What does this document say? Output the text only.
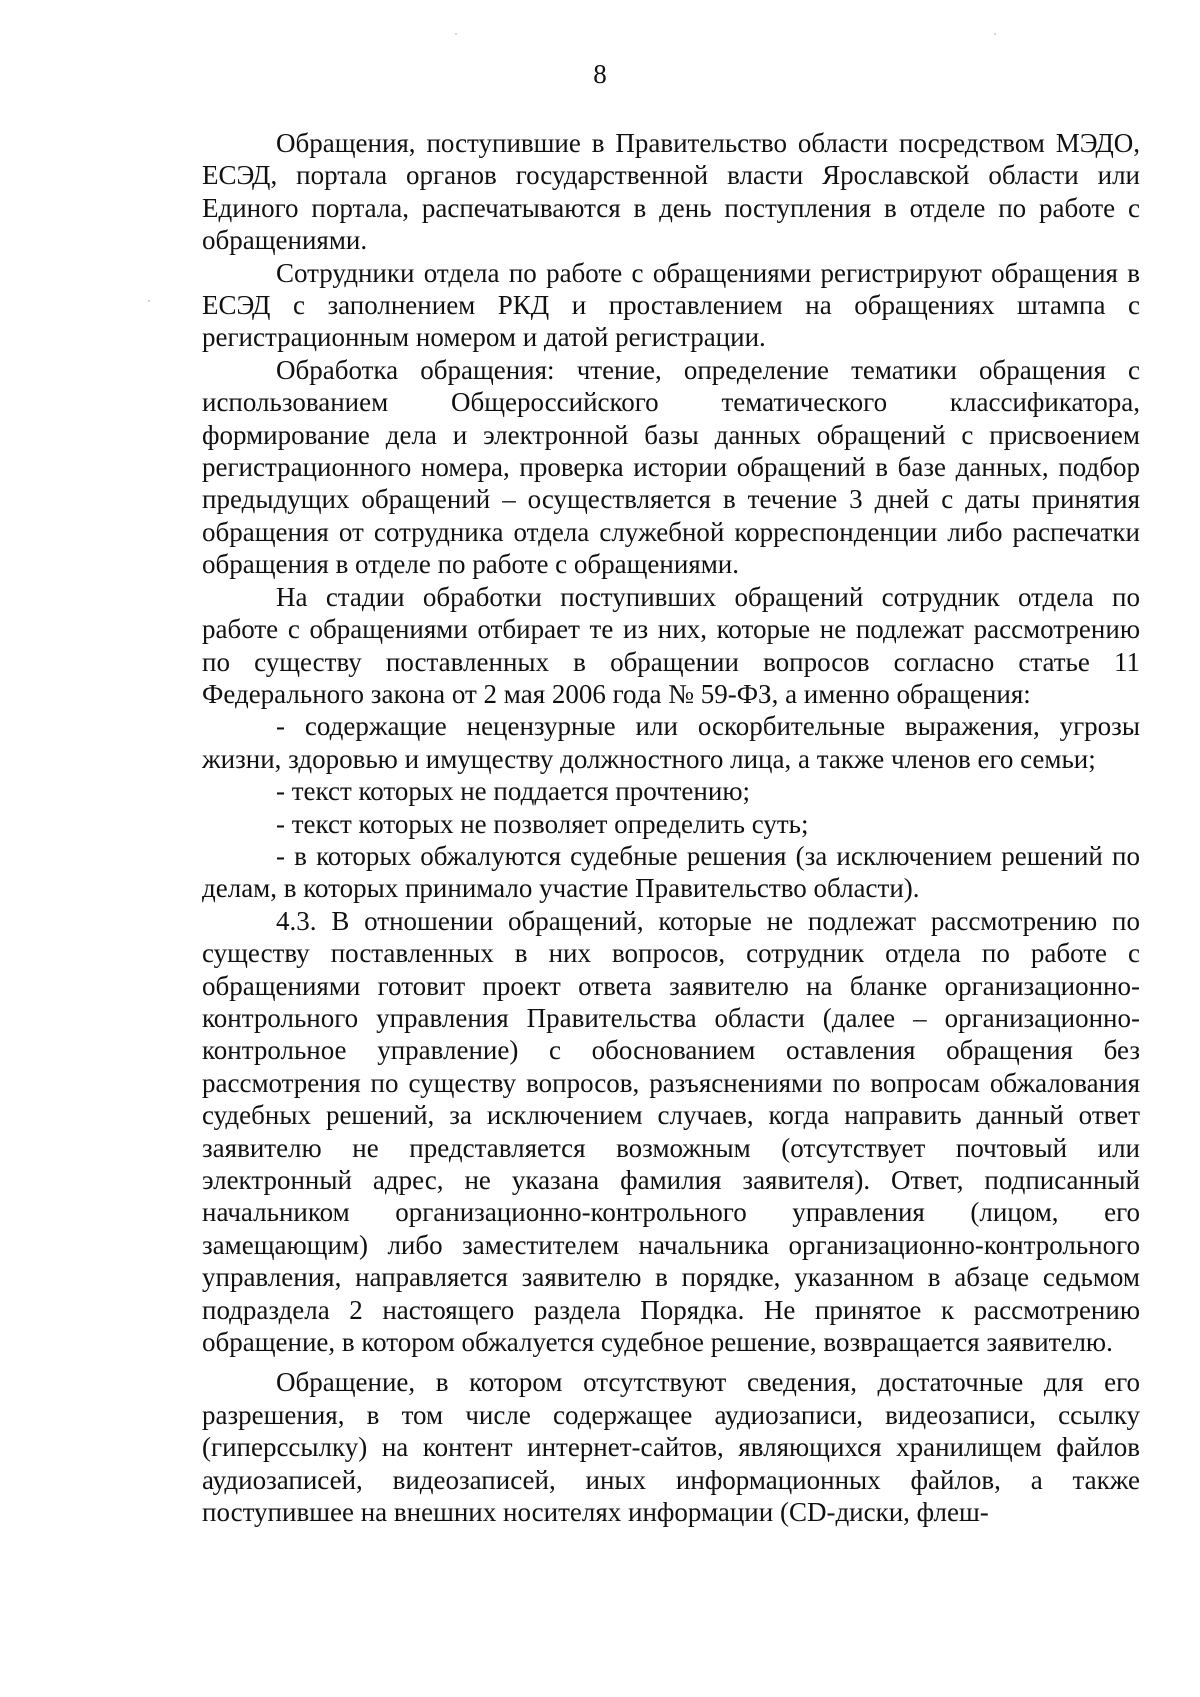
8

Обращения, поступившие в Правительство области посредством МЭДО, ЕСЭД, портала органов государственной власти Ярославской области или Единого портала, распечатываются в день поступления в отделе по работе с обращениями.

Сотрудники отдела по работе с обращениями регистрируют обращения в ЕСЭД с заполнением РКД и проставлением на обращениях штампа с регистрационным номером и датой регистрации.

Обработка обращения: чтение, определение тематики обращения с использованием Общероссийского тематического классификатора, формирование дела и электронной базы данных обращений с присвоением регистрационного номера, проверка истории обращений в базе данных, подбор предыдущих обращений – осуществляется в течение 3 дней с даты принятия обращения от сотрудника отдела служебной корреспонденции либо распечатки обращения в отделе по работе с обращениями.

На стадии обработки поступивших обращений сотрудник отдела по работе с обращениями отбирает те из них, которые не подлежат рассмотрению по существу поставленных в обращении вопросов согласно статье 11 Федерального закона от 2 мая 2006 года № 59-ФЗ, а именно обращения:

- содержащие нецензурные или оскорбительные выражения, угрозы жизни, здоровью и имуществу должностного лица, а также членов его семьи;

- текст которых не поддается прочтению;

- текст которых не позволяет определить суть;

- в которых обжалуются судебные решения (за исключением решений по делам, в которых принимало участие Правительство области).

4.3. В отношении обращений, которые не подлежат рассмотрению по существу поставленных в них вопросов, сотрудник отдела по работе с обращениями готовит проект ответа заявителю на бланке организационно-контрольного управления Правительства области (далее – организационно-контрольное управление) с обоснованием оставления обращения без рассмотрения по существу вопросов, разъяснениями по вопросам обжалования судебных решений, за исключением случаев, когда направить данный ответ заявителю не представляется возможным (отсутствует почтовый или электронный адрес, не указана фамилия заявителя). Ответ, подписанный начальником организационно-контрольного управления (лицом, его замещающим) либо заместителем начальника организационно-контрольного управления, направляется заявителю в порядке, указанном в абзаце седьмом подраздела 2 настоящего раздела Порядка. Не принятое к рассмотрению обращение, в котором обжалуется судебное решение, возвращается заявителю.

Обращение, в котором отсутствуют сведения, достаточные для его разрешения, в том числе содержащее аудиозаписи, видеозаписи, ссылку (гиперссылку) на контент интернет-сайтов, являющихся хранилищем файлов аудиозаписей, видеозаписей, иных информационных файлов, а также поступившее на внешних носителях информации (CD-диски, флеш-
